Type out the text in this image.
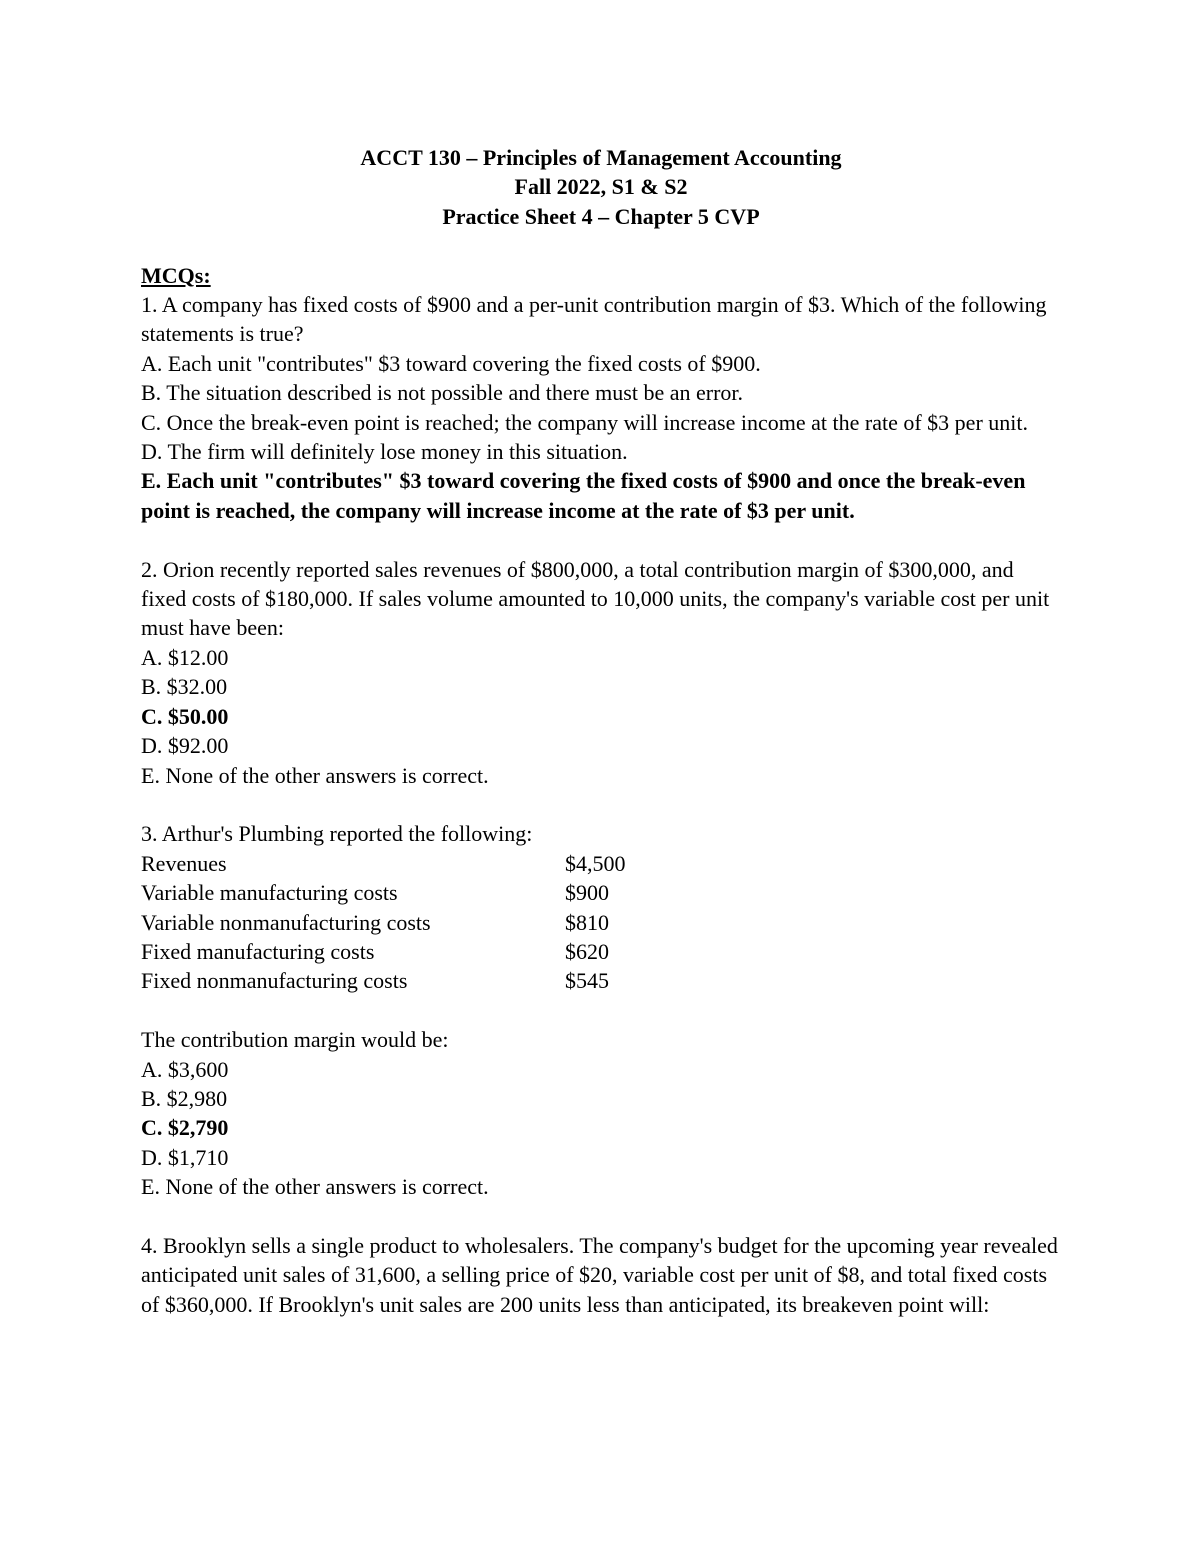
ACCT 130 – Principles of Management Accounting
Fall 2022, S1 & S2
Practice Sheet 4 – Chapter 5 CVP
MCQs:
1. A company has fixed costs of $900 and a per-unit contribution margin of $3. Which of the following statements is true?
A. Each unit "contributes" $3 toward covering the fixed costs of $900.
B. The situation described is not possible and there must be an error.
C. Once the break-even point is reached; the company will increase income at the rate of $3 per unit.
D. The firm will definitely lose money in this situation.
E. Each unit "contributes" $3 toward covering the fixed costs of $900 and once the break-even point is reached, the company will increase income at the rate of $3 per unit.
2. Orion recently reported sales revenues of $800,000, a total contribution margin of $300,000, and fixed costs of $180,000. If sales volume amounted to 10,000 units, the company's variable cost per unit must have been:
A. $12.00
B. $32.00
C. $50.00
D. $92.00
E. None of the other answers is correct.
3. Arthur's Plumbing reported the following:
Revenues	$4,500
Variable manufacturing costs	$900
Variable nonmanufacturing costs	$810
Fixed manufacturing costs	$620
Fixed nonmanufacturing costs	$545
The contribution margin would be:
A. $3,600
B. $2,980
C. $2,790
D. $1,710
E. None of the other answers is correct.
4. Brooklyn sells a single product to wholesalers. The company's budget for the upcoming year revealed anticipated unit sales of 31,600, a selling price of $20, variable cost per unit of $8, and total fixed costs of $360,000. If Brooklyn's unit sales are 200 units less than anticipated, its breakeven point will:
